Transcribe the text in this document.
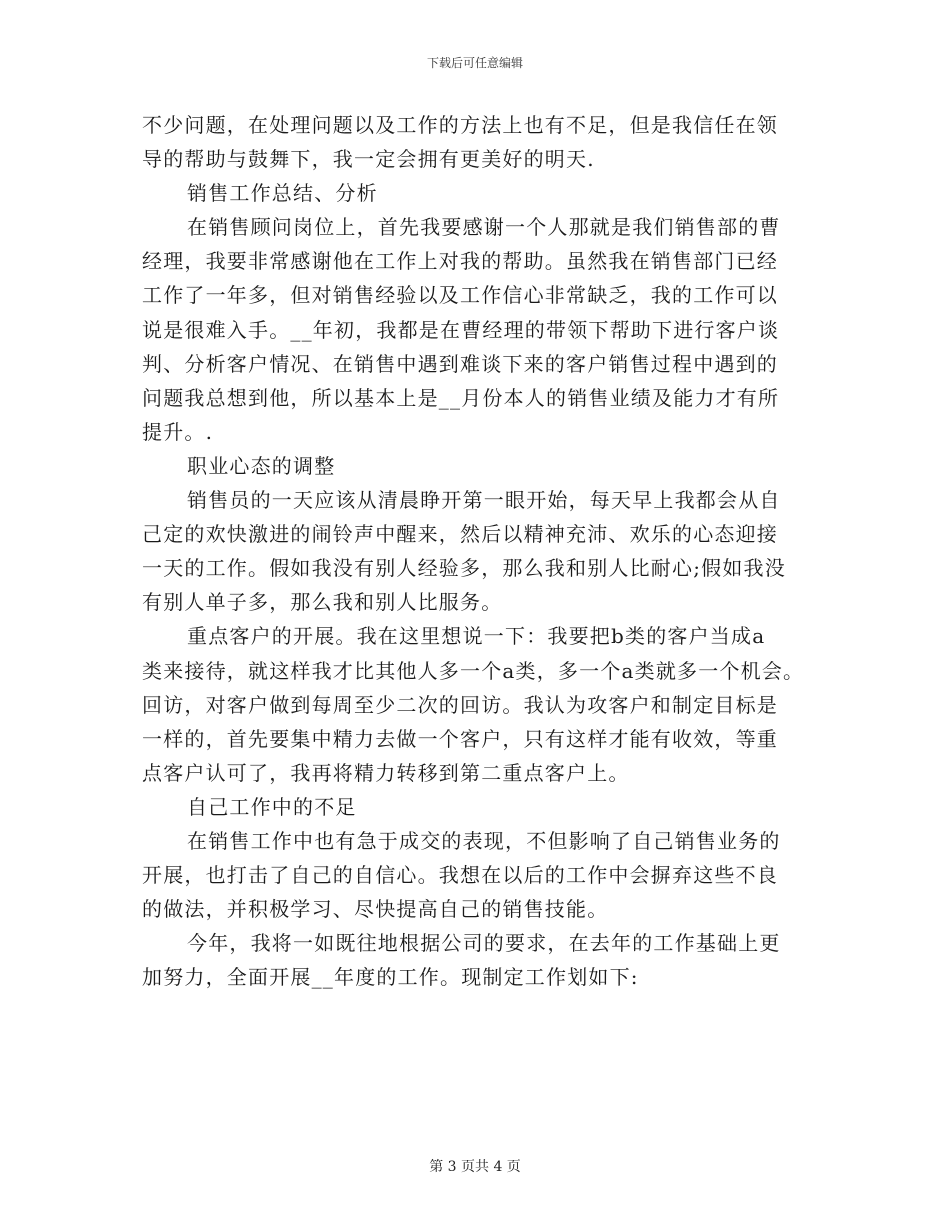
下载后可任意编辑
不少问题，在处理问题以及工作的方法上也有不足，但是我信任在领
导的帮助与鼓舞下，我一定会拥有更美好的明天.
销售工作总结、分析
在销售顾问岗位上，首先我要感谢一个人那就是我们销售部的曹
经理，我要非常感谢他在工作上对我的帮助。虽然我在销售部门已经
工作了一年多，但对销售经验以及工作信心非常缺乏，我的工作可以
说是很难入手。__年初，我都是在曹经理的带领下帮助下进行客户谈
判、分析客户情况、在销售中遇到难谈下来的客户销售过程中遇到的
问题我总想到他，所以基本上是__月份本人的销售业绩及能力才有所
提升。.
职业心态的调整
销售员的一天应该从清晨睁开第一眼开始，每天早上我都会从自
己定的欢快激进的闹铃声中醒来，然后以精神充沛、欢乐的心态迎接
一天的工作。假如我没有别人经验多，那么我和别人比耐心;假如我没
有别人单子多，那么我和别人比服务。
重点客户的开展。我在这里想说一下：我要把b类的客户当成a
类来接待，就这样我才比其他人多一个a类，多一个a类就多一个机会。
回访，对客户做到每周至少二次的回访。我认为攻客户和制定目标是
一样的，首先要集中精力去做一个客户，只有这样才能有收效，等重
点客户认可了，我再将精力转移到第二重点客户上。
自己工作中的不足
在销售工作中也有急于成交的表现，不但影响了自己销售业务的
开展，也打击了自己的自信心。我想在以后的工作中会摒弃这些不良
的做法，并积极学习、尽快提高自己的销售技能。
今年，我将一如既往地根据公司的要求，在去年的工作基础上更
加努力，全面开展__年度的工作。现制定工作划如下:
第 3 页共 4 页
